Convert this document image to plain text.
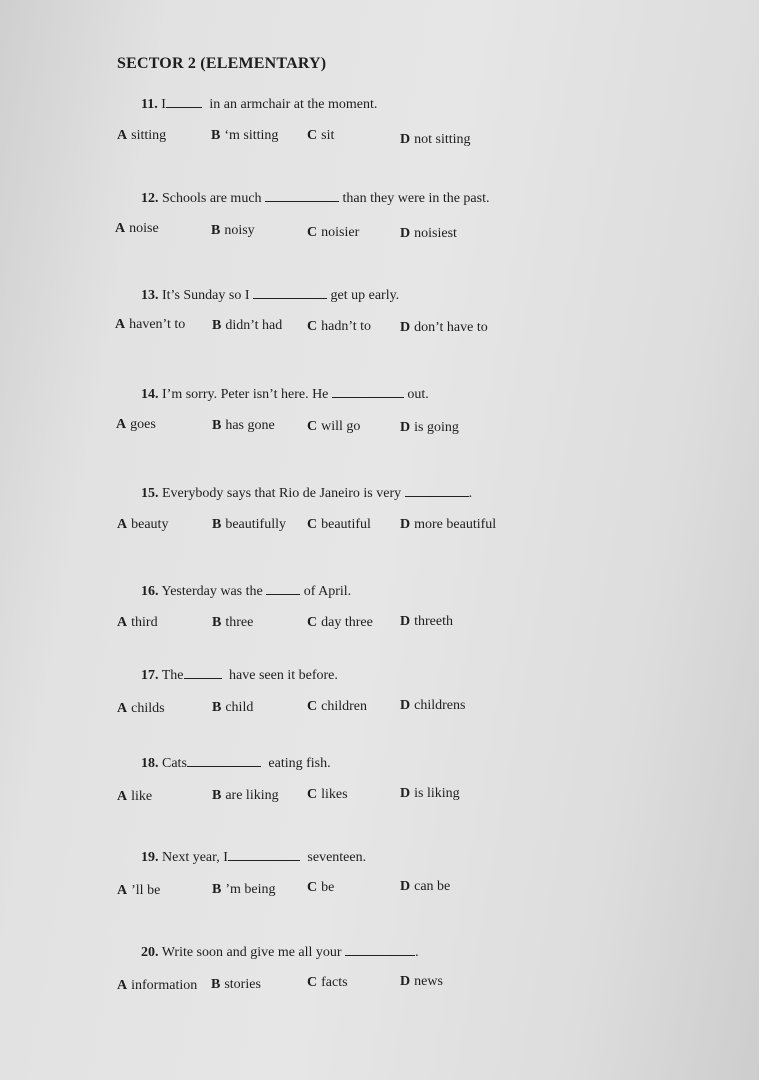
SECTOR 2 (ELEMENTARY)
11. I	in an armchair at the moment.
A sitting	B ‘m sitting C sit	D not sitting
12. Schools are much	than they were in the past.
A noise	B noisy	C noisier	D noisiest
13. It’s Sunday so I	get up early.
A haven’t to B didn’t had C hadn’t to D don’t have to
14. I’m sorry. Peter isn’t here. He	out.
A goes	B has gone C will go	D is going
15. Everybody says that Rio de Janeiro is very	.
A beauty	B beautifully C beautiful D more beautiful
16. Yesterday was the	of April.
A third	B three	C day three D threeth
17. The	have seen it before.
A childs	B child	C children D childrens
18. Cats	eating fish.
A like	B are liking C likes	D is liking
19. Next year, I	seventeen.
A ’ll be	B ’m being C be	D can be
20. Write soon and give me all your	.
A information B stories	C facts	D news
